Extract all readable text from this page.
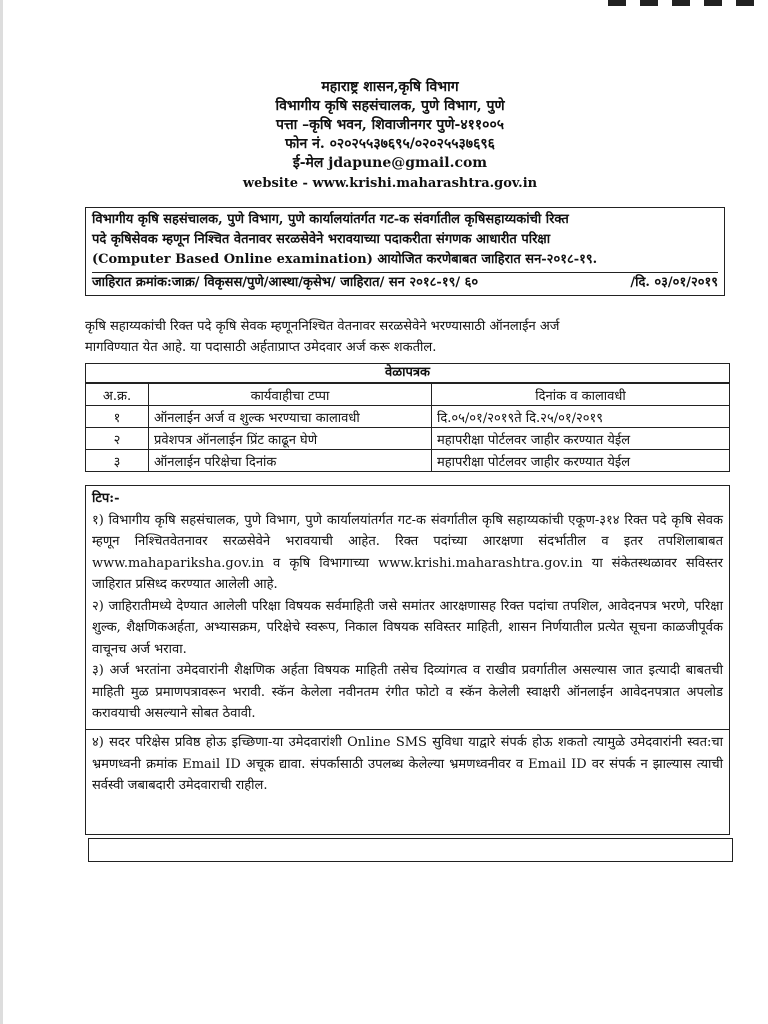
महाराष्ट्र शासन,कृषि विभाग
विभागीय कृषि सहसंचालक, पुणे विभाग, पुणे
पत्ता –कृषि भवन, शिवाजीनगर पुणे-४११००५
फोन नं. ०२०२५५३७६९५/०२०२५५३७६९६
ई-मेल jdapune@gmail.com
website - www.krishi.maharashtra.gov.in
विभागीय कृषि सहसंचालक, पुणे विभाग, पुणे कार्यालयांतर्गत गट-क संवर्गातील कृषिसहाय्यकांची रिक्त
पदे कृषिसेवक म्हणून निश्चित वेतनावर सरळसेवेने भरावयाच्या पदाकरीता संगणक आधारीत परिक्षा
(Computer Based Online examination) आयोजित करणेबाबत जाहिरात सन-२०१८-१९.
जाहिरात क्रमांक:जाक्र/ विकृसस/पुणे/आस्था/कृसेभ/ जाहिरात/ सन २०१८-१९/ ६०	/दि. ०३/०१/२०१९
कृषि सहाय्यकांची रिक्त पदे कृषि सेवक म्हणूननिश्चित वेतनावर सरळसेवेने भरण्यासाठी ऑनलाईन अर्ज
मागविण्यात येत आहे. या पदासाठी अर्हताप्राप्त उमेदवार अर्ज करू शकतील.
वेळापत्रक
अ.क्र.	कार्यवाहीचा टप्पा	दिनांक व कालावधी
१	ऑनलाईन अर्ज व शुल्क भरण्याचा कालावधी	दि.०५/०१/२०१९ते दि.२५/०१/२०१९
२	प्रवेशपत्र ऑनलाईन प्रिंट काढून घेणे	महापरीक्षा पोर्टलवर जाहीर करण्यात येईल
३	ऑनलाईन परिक्षेचा दिनांक	महापरीक्षा पोर्टलवर जाहीर करण्यात येईल
टिप:-

१) विभागीय कृषि सहसंचालक, पुणे विभाग, पुणे कार्यालयांतर्गत गट-क संवर्गातील कृषि सहाय्यकांची एकूण-३१४ रिक्त पदे कृषि सेवक म्हणून निश्चितवेतनावर सरळसेवेने भरावयाची आहेत. रिक्त पदांच्या आरक्षणा संदर्भातील व इतर तपशिलाबाबत www.mahapariksha.gov.in व कृषि विभागाच्या www.krishi.maharashtra.gov.in या संकेतस्थळावर सविस्तर जाहिरात प्रसिध्द करण्यात आलेली आहे.

२) जाहिरातीमध्ये देण्यात आलेली परिक्षा विषयक सर्वमाहिती जसे समांतर आरक्षणासह रिक्त पदांचा तपशिल, आवेदनपत्र भरणे, परिक्षा शुल्क, शैक्षणिकअर्हता, अभ्यासक्रम, परिक्षेचे स्वरूप, निकाल विषयक सविस्तर माहिती, शासन निर्णयातील प्रत्येत सूचना काळजीपूर्वक वाचूनच अर्ज भरावा.

३) अर्ज भरतांना उमेदवारांनी शैक्षणिक अर्हता विषयक माहिती तसेच दिव्यांगत्व व राखीव प्रवर्गातील असल्यास जात इत्यादी बाबतची माहिती मुळ प्रमाणपत्रावरून भरावी. स्कॅन केलेला नवीनतम रंगीत फोटो व स्कॅन केलेली स्वाक्षरी ऑनलाईन आवेदनपत्रात अपलोड करावयाची असल्याने सोबत ठेवावी.

४) सदर परिक्षेस प्रविष्ठ होऊ इच्छिणा-या उमेदवारांशी Online SMS सुविधा याद्वारे संपर्क होऊ शकतो त्यामुळे उमेदवारांनी स्वत:चा भ्रमणध्वनी क्रमांक Email ID अचूक द्यावा. संपर्कासाठी उपलब्ध केलेल्या भ्रमणध्वनीवर व Email ID वर संपर्क न झाल्यास त्याची सर्वस्वी जबाबदारी उमेदवाराची राहील.
